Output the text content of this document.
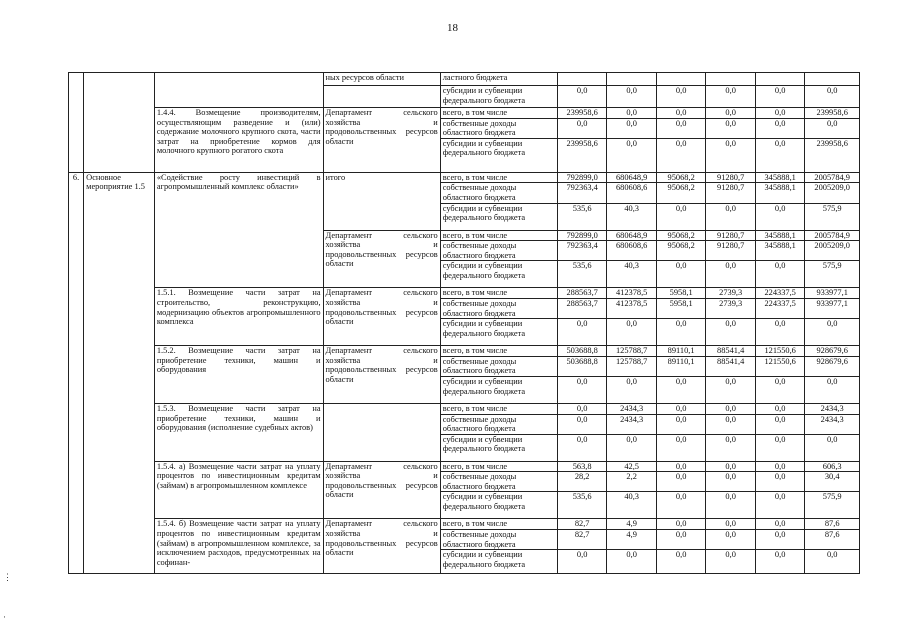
18
⋮
·
			ных ресурсов области	ластного бюджета						
				субсидии и субвенции федерального бюджета	0,0	0,0	0,0	0,0	0,0	0,0
		1.4.4. Возмещение производителям, осуществляющим разведение и (или) содержание молочного крупного скота, части затрат на приобретение кормов для молочного крупного рогатого скота	Департамент сельского хозяйства и продовольственных ресурсов области	всего, в том числе	239958,6	0,0	0,0	0,0	0,0	239958,6
				собственные доходы областного бюджета	0,0	0,0	0,0	0,0	0,0	0,0
				субсидии и субвенции федерального бюджета	239958,6	0,0	0,0	0,0	0,0	239958,6
6.	Основное мероприятие 1.5	«Содействие росту инвестиций в агропромышленный комплекс области»	итого	всего, в том числе	792899,0	680648,9	95068,2	91280,7	345888,1	2005784,9
				собственные доходы областного бюджета	792363,4	680608,6	95068,2	91280,7	345888,1	2005209,0
				субсидии и субвенции федерального бюджета	535,6	40,3	0,0	0,0	0,0	575,9
			Департамент сельского хозяйства и продовольственных ресурсов области	всего, в том числе	792899,0	680648,9	95068,2	91280,7	345888,1	2005784,9
				собственные доходы областного бюджета	792363,4	680608,6	95068,2	91280,7	345888,1	2005209,0
				субсидии и субвенции федерального бюджета	535,6	40,3	0,0	0,0	0,0	575,9
		1.5.1. Возмещение части затрат на строительство, реконструкцию, модернизацию объектов агропромышленного комплекса	Департамент сельского хозяйства и продовольственных ресурсов области	всего, в том числе	288563,7	412378,5	5958,1	2739,3	224337,5	933977,1
				собственные доходы областного бюджета	288563,7	412378,5	5958,1	2739,3	224337,5	933977,1
				субсидии и субвенции федерального бюджета	0,0	0,0	0,0	0,0	0,0	0,0
		1.5.2. Возмещение части затрат на приобретение техники, машин и оборудования	Департамент сельского хозяйства и продовольственных ресурсов области	всего, в том числе	503688,8	125788,7	89110,1	88541,4	121550,6	928679,6
				собственные доходы областного бюджета	503688,8	125788,7	89110,1	88541,4	121550,6	928679,6
				субсидии и субвенции федерального бюджета	0,0	0,0	0,0	0,0	0,0	0,0
		1.5.3. Возмещение части затрат на приобретение техники, машин и оборудования (исполнение судебных актов)		всего, в том числе	0,0	2434,3	0,0	0,0	0,0	2434,3
				собственные доходы областного бюджета	0,0	2434,3	0,0	0,0	0,0	2434,3
				субсидии и субвенции федерального бюджета	0,0	0,0	0,0	0,0	0,0	0,0
		1.5.4. а) Возмещение части затрат на уплату процентов по инвестиционным кредитам (займам) в агропромышленном комплексе	Департамент сельского хозяйства и продовольственных ресурсов области	всего, в том числе	563,8	42,5	0,0	0,0	0,0	606,3
				собственные доходы областного бюджета	28,2	2,2	0,0	0,0	0,0	30,4
				субсидии и субвенции федерального бюджета	535,6	40,3	0,0	0,0	0,0	575,9
		1.5.4. б) Возмещение части затрат на уплату процентов по инвестиционным кредитам (займам) в агропромышленном комплексе, за исключением расходов, предусмотренных на софинан-	Департамент сельского хозяйства и продовольственных ресурсов области	всего, в том числе	82,7	4,9	0,0	0,0	0,0	87,6
				собственные доходы областного бюджета	82,7	4,9	0,0	0,0	0,0	87,6
				субсидии и субвенции федерального бюджета	0,0	0,0	0,0	0,0	0,0	0,0
